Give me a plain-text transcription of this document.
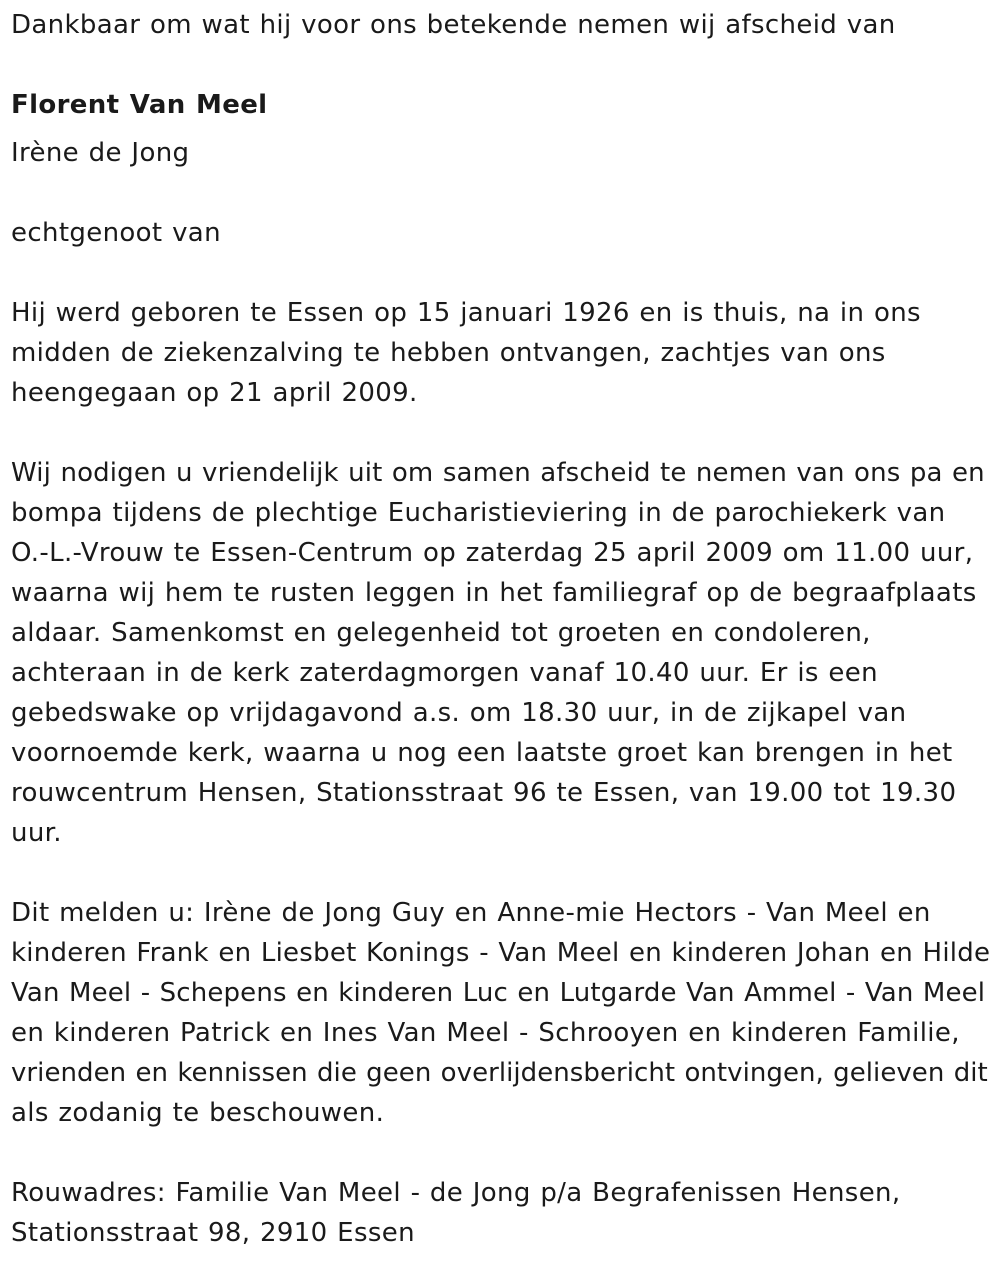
Dankbaar om wat hij voor ons betekende nemen wij afscheid van

Florent Van Meel

Irène de Jong

echtgenoot van

Hij werd geboren te Essen op 15 januari 1926 en is thuis, na in ons
midden de ziekenzalving te hebben ontvangen, zachtjes van ons
heengegaan op 21 april 2009.
Wij nodigen u vriendelijk uit om samen afscheid te nemen van ons pa en
bompa tijdens de plechtige Eucharistieviering in de parochiekerk van
O.-L.-Vrouw te Essen-Centrum op zaterdag 25 april 2009 om 11.00 uur,
waarna wij hem te rusten leggen in het familiegraf op de begraafplaats
aldaar. Samenkomst en gelegenheid tot groeten en condoleren,
achteraan in de kerk zaterdagmorgen vanaf 10.40 uur. Er is een
gebedswake op vrijdagavond a.s. om 18.30 uur, in de zijkapel van
voornoemde kerk, waarna u nog een laatste groet kan brengen in het
rouwcentrum Hensen, Stationsstraat 96 te Essen, van 19.00 tot 19.30
uur.
Dit melden u: Irène de Jong Guy en Anne-mie Hectors - Van Meel en
kinderen Frank en Liesbet Konings - Van Meel en kinderen Johan en Hilde
Van Meel - Schepens en kinderen Luc en Lutgarde Van Ammel - Van Meel
en kinderen Patrick en Ines Van Meel - Schrooyen en kinderen Familie,
vrienden en kennissen die geen overlijdensbericht ontvingen, gelieven dit
als zodanig te beschouwen.
Rouwadres: Familie Van Meel - de Jong p/a Begrafenissen Hensen,
Stationsstraat 98, 2910 Essen
